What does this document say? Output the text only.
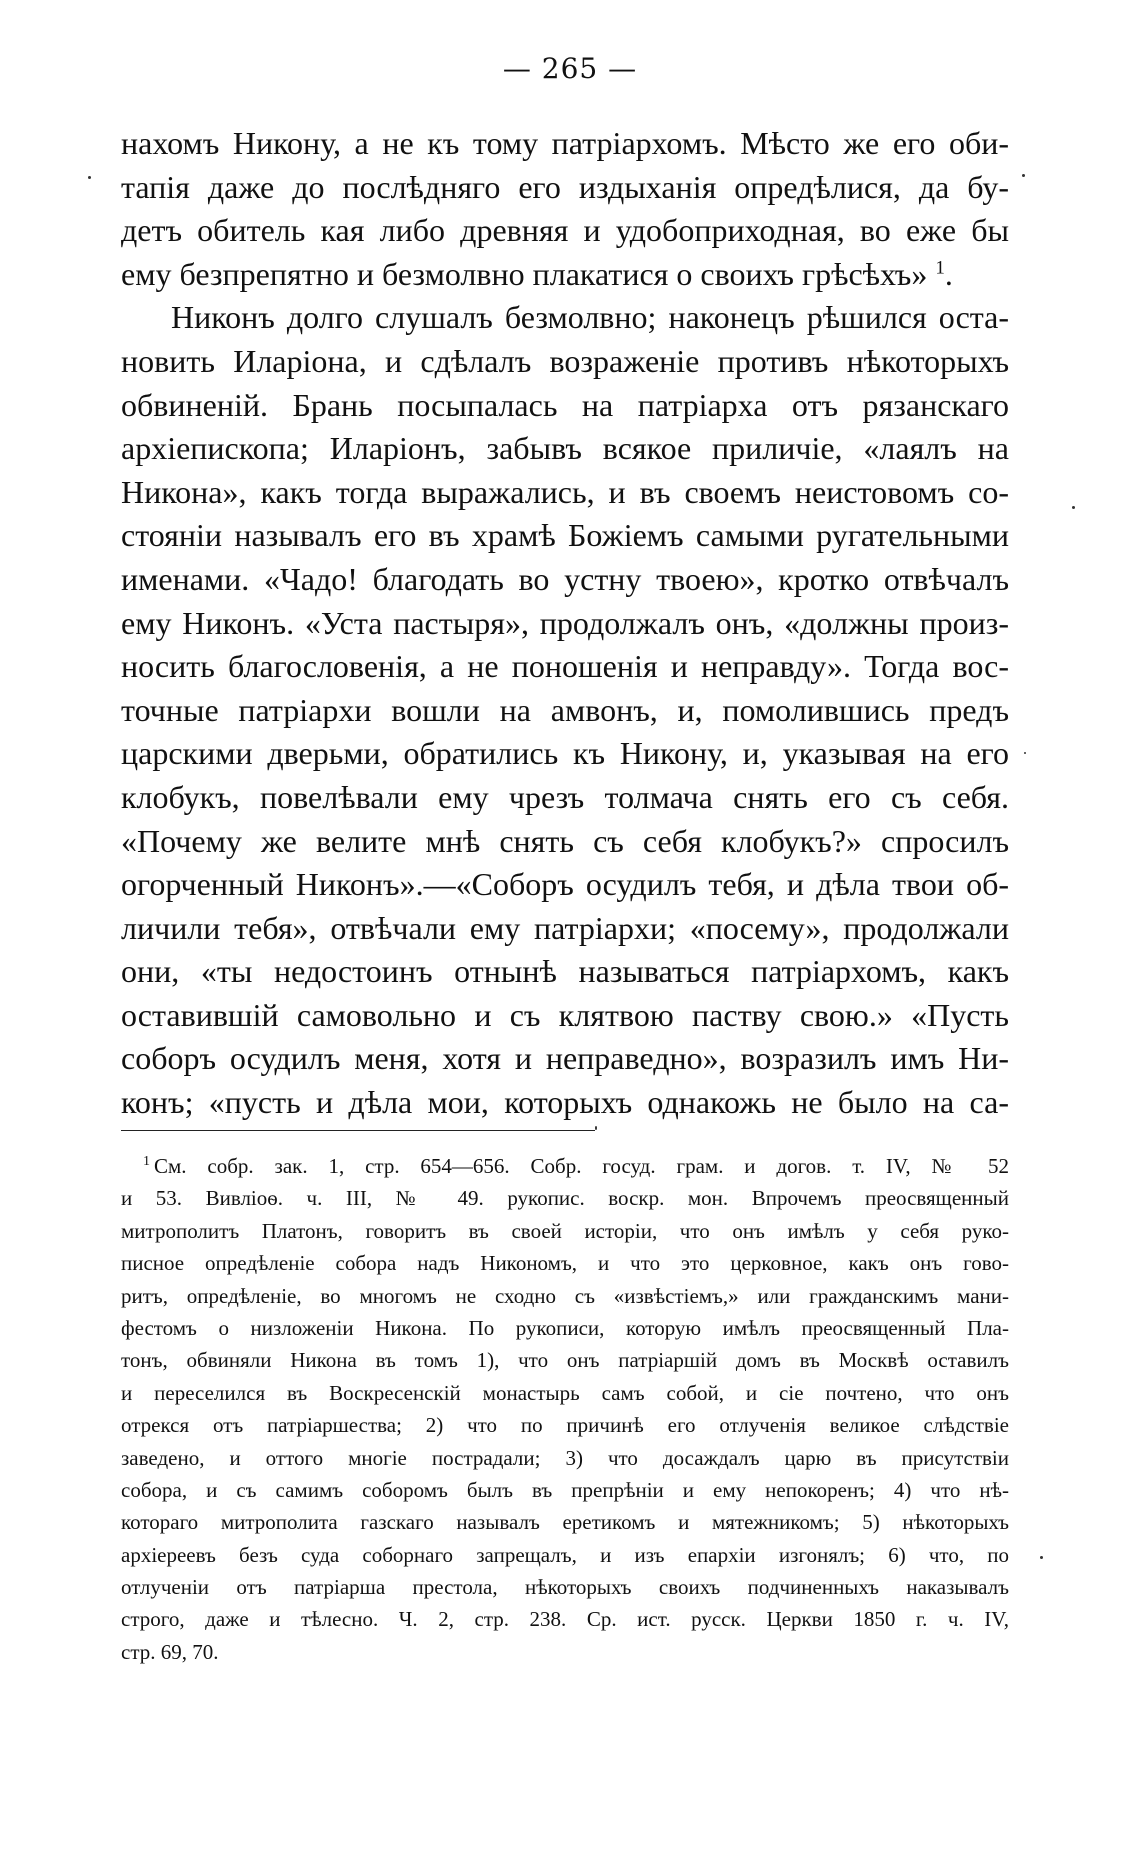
— 265 —
нахомъ Никону, а не къ тому патріархомъ. Мѣсто же его оби-
тапія даже до послѣдняго его издыханія опредѣлися, да бу-
детъ обитель кая либо древняя и удобоприходная, во еже бы
ему безпрепятно и безмолвно плакатися о своихъ грѣсѣхъ» $^1$.
Никонъ долго слушалъ безмолвно; наконецъ рѣшился оста-
новить Иларіона, и сдѣлалъ возраженіе противъ нѣкоторыхъ
обвиненій. Брань посыпалась на патріарха отъ рязанскаго
архіепископа; Иларіонъ, забывъ всякое приличіе, «лаялъ на
Никона», какъ тогда выражались, и въ своемъ неистовомъ со-
стояніи называлъ его въ храмѣ Божіемъ самыми ругательными
именами. «Чадо! благодать во устну твоею», кротко отвѣчалъ
ему Никонъ. «Уста пастыря», продолжалъ онъ, «должны произ-
носить благословенія, а не поношенія и неправду». Тогда вос-
точные патріархи вошли на амвонъ, и, помолившись предъ
царскими дверьми, обратились къ Никону, и, указывая на его
клобукъ, повелѣвали ему чрезъ толмача снять его съ себя.
«Почему же велите мнѣ снять съ себя клобукъ?» спросилъ
огорченный Никонъ».—«Соборъ осудилъ тебя, и дѣла твои об-
личили тебя», отвѣчали ему патріархи; «посему», продолжали
они, «ты недостоинъ отнынѣ называться патріархомъ, какъ
оставившій самовольно и съ клятвою паству свою.» «Пусть
соборъ осудилъ меня, хотя и неправедно», возразилъ имъ Ни-
конъ; «пусть и дѣла мои, которыхъ однакожь не было на са-
$^1$ См. собр. зак. 1, стр. 654—656. Собр. госуд. грам. и догов. т. IV, № 52
и 53. Вивліоѳ. ч. III, № 49. рукопис. воскр. мон. Впрочемъ преосвященный
митрополитъ Платонъ, говоритъ въ своей исторіи, что онъ имѣлъ у себя руко-
писное опредѣленіе собора надъ Никономъ, и что это церковное, какъ онъ гово-
ритъ, опредѣленіе, во многомъ не сходно съ «извѣстіемъ,» или гражданскимъ мани-
фестомъ о низложеніи Никона. По рукописи, которую имѣлъ преосвященный Пла-
тонъ, обвиняли Никона въ томъ 1), что онъ патріаршій домъ въ Москвѣ оставилъ
и переселился въ Воскресенскій монастырь самъ собой, и сіе почтено, что онъ
отрекся отъ патріаршества; 2) что по причинѣ его отлученія великое слѣдствіе
заведено, и оттого многіе пострадали; 3) что досаждалъ царю въ присутствіи
собора, и съ самимъ соборомъ былъ въ препрѣніи и ему непокоренъ; 4) что нѣ-
котораго митрополита газскаго называлъ еретикомъ и мятежникомъ; 5) нѣкоторыхъ
архіереевъ безъ суда соборнаго запрещалъ, и изъ епархіи изгонялъ; 6) что, по
отлученіи отъ патріарша престола, нѣкоторыхъ своихъ подчиненныхъ наказывалъ
строго, даже и тѣлесно. Ч. 2, стр. 238. Ср. ист. русск. Церкви 1850 г. ч. IV,
стр. 69, 70.
